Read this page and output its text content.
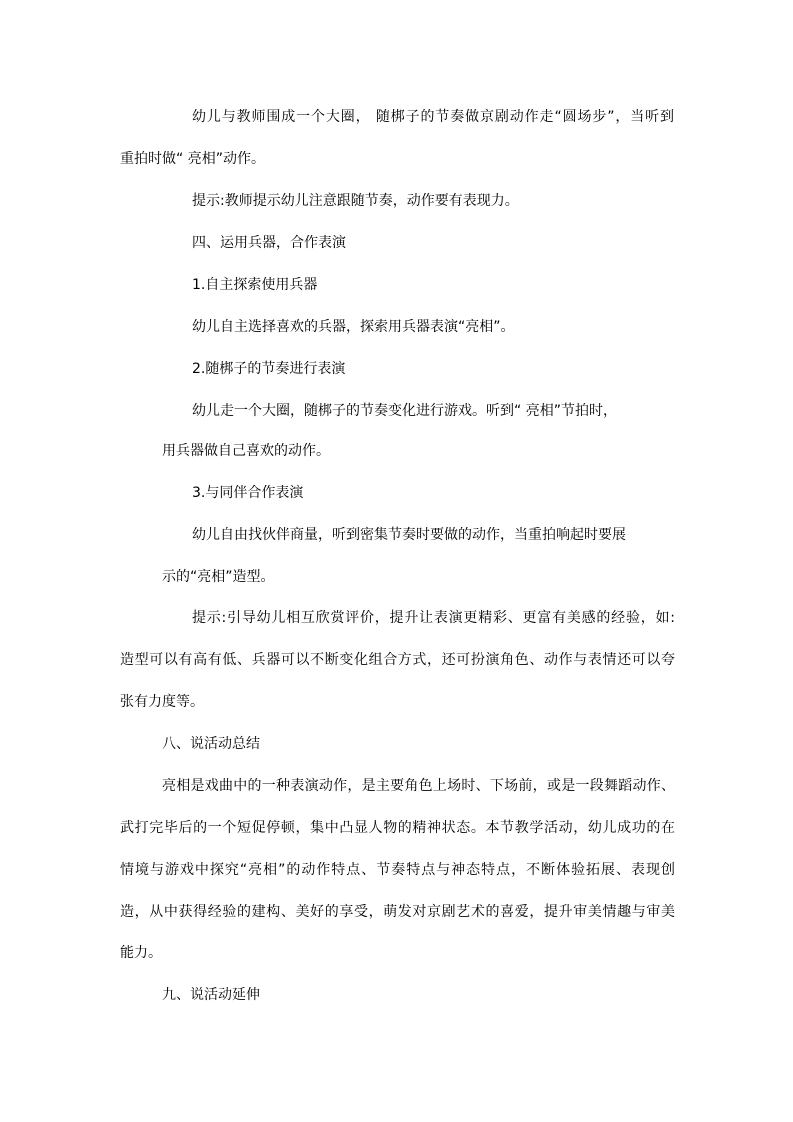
幼儿与教师围成一个大圈， 随梆子的节奏做京剧动作走“圆场步”，当听到
重拍时做“ 亮相”动作。
提示:教师提示幼儿注意跟随节奏，动作要有表现力。
四、运用兵器，合作表演
1.自主探索使用兵器
幼儿自主选择喜欢的兵器，探索用兵器表演“亮相”。
2.随梆子的节奏进行表演
幼儿走一个大圈，随梆子的节奏变化进行游戏。听到“ 亮相”节拍时，
用兵器做自己喜欢的动作。
3.与同伴合作表演
幼儿自由找伙伴商量，听到密集节奏时要做的动作，当重拍响起时要展
示的“亮相”造型。
提示:引导幼儿相互欣赏评价，提升让表演更精彩、更富有美感的经验，如:
造型可以有高有低、兵器可以不断变化组合方式，还可扮演角色、动作与表情还可以夸
张有力度等。
八、说活动总结
亮相是戏曲中的一种表演动作，是主要角色上场时、下场前，或是一段舞蹈动作、
武打完毕后的一个短促停顿，集中凸显人物的精神状态。本节教学活动，幼儿成功的在
情境与游戏中探究“亮相”的动作特点、节奏特点与神态特点，不断体验拓展、表现创
造，从中获得经验的建构、美好的享受，萌发对京剧艺术的喜爱，提升审美情趣与审美
能力。
九、说活动延伸
